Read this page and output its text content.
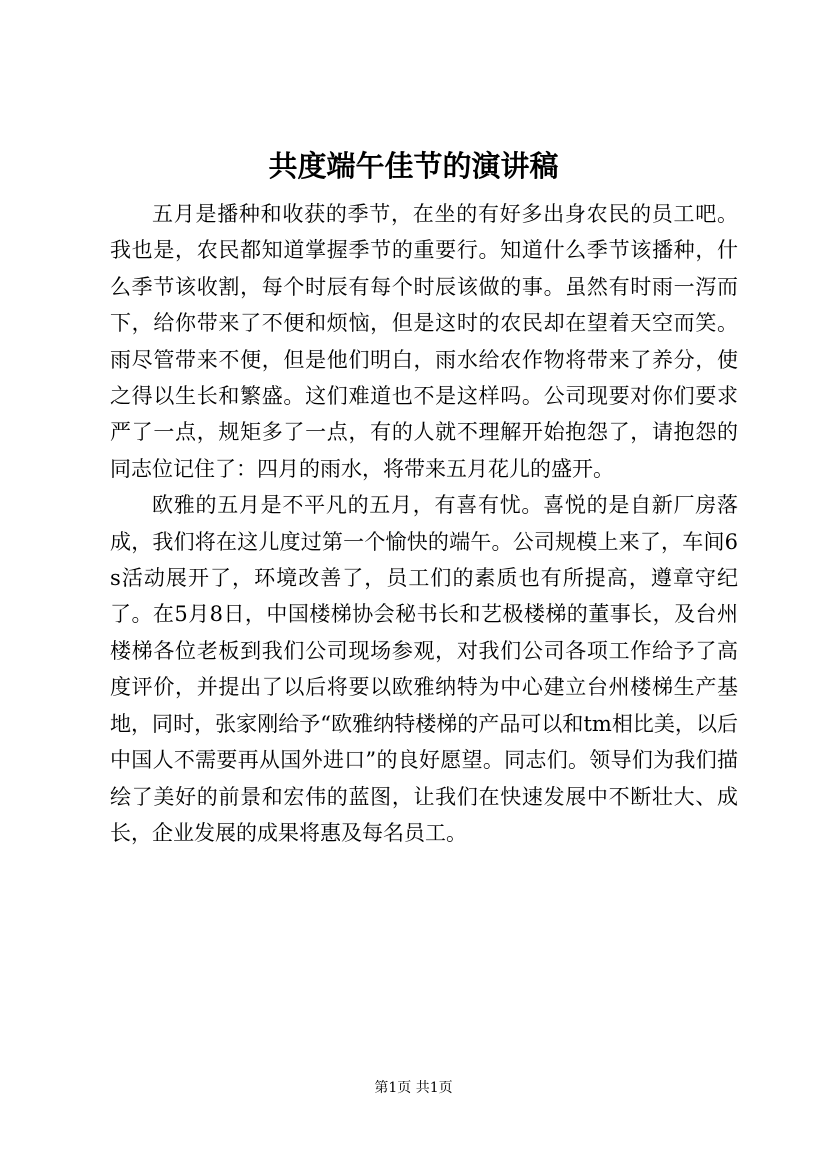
共度端午佳节的演讲稿

五月是播种和收获的季节，在坐的有好多出身农民的员工吧。我也是，农民都知道掌握季节的重要行。知道什么季节该播种，什么季节该收割，每个时辰有每个时辰该做的事。虽然有时雨一泻而下，给你带来了不便和烦恼，但是这时的农民却在望着天空而笑。雨尽管带来不便，但是他们明白，雨水给农作物将带来了养分，使之得以生长和繁盛。这们难道也不是这样吗。公司现要对你们要求严了一点，规矩多了一点，有的人就不理解开始抱怨了，请抱怨的同志位记住了：四月的雨水，将带来五月花儿的盛开。

欧雅的五月是不平凡的五月，有喜有忧。喜悦的是自新厂房落成，我们将在这儿度过第一个愉快的端午。公司规模上来了，车间6s活动展开了，环境改善了，员工们的素质也有所提高，遵章守纪了。在5月8日，中国楼梯协会秘书长和艺极楼梯的董事长，及台州楼梯各位老板到我们公司现场参观，对我们公司各项工作给予了高度评价，并提出了以后将要以欧雅纳特为中心建立台州楼梯生产基地，同时，张家刚给予“欧雅纳特楼梯的产品可以和tm相比美，以后中国人不需要再从国外进口”的良好愿望。同志们。领导们为我们描绘了美好的前景和宏伟的蓝图，让我们在快速发展中不断壮大、成长，企业发展的成果将惠及每名员工。

第1页 共1页
